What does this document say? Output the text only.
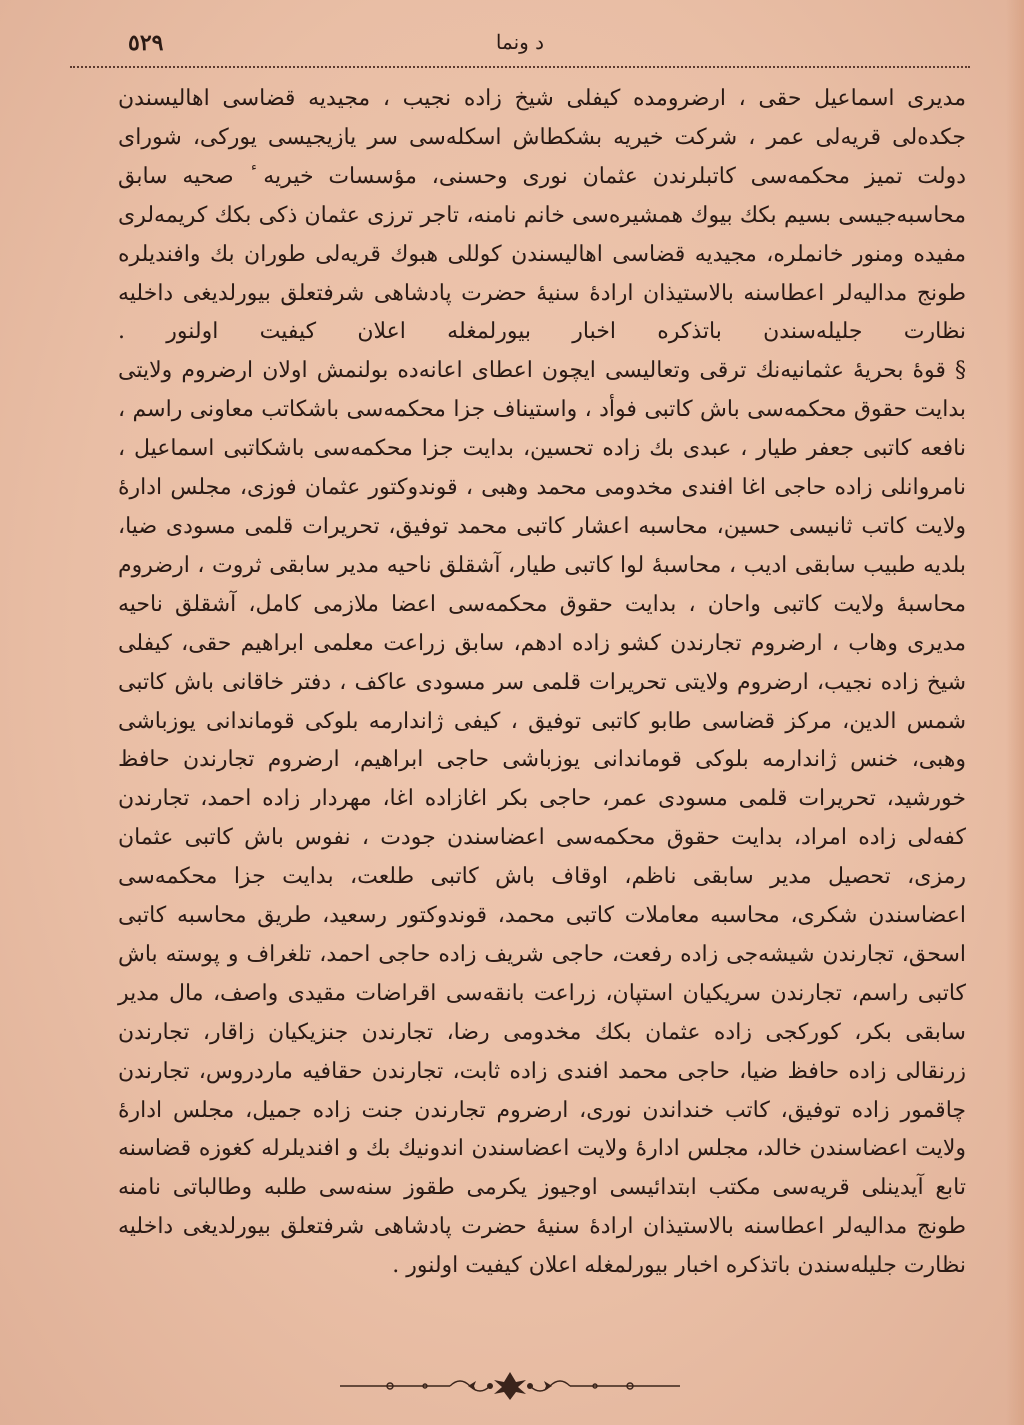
٥٢٩	د ونما

مديرى اسماعيل حقى ، ارضرومده كيفلى شيخ زاده نجيب ، مجيديه قضاسى اهاليسندن جكده‌لى قريه‌لى عمر ، شركت خيريه بشكطاش اسكله‌سى سر يازيجيسى يوركى، شوراى دولت تميز محكمه‌سى كاتبلرندن عثمان نورى وحسنى، مؤسسات خيريه ٔ صحيه سابق محاسبه‌جيسى بسيم بكك بيوك همشيره‌سى خانم نامنه، تاجر ترزى عثمان ذكى بكك كريمه‌لرى مفيده ومنور خانملره، مجيديه قضاسى اهاليسندن كوللى هبوك قريه‌لى طوران بك وافنديلره طونج مداليه‌لر اعطاسنه بالاستيذان ارادهٔ سنيهٔ حضرت پادشاهى شرفتعلق بيورلديغى داخليه نظارت جليله‌سندن باتذكره اخبار بيورلمغله اعلان كيفيت اولنور .

§ قوهٔ بحريهٔ عثمانيه‌نك ترقى وتعاليسى ايچون اعطاى اعانه‌ده بولنمش اولان ارضروم ولايتى بدايت حقوق محكمه‌سى باش كاتبى فوأد ، واستيناف جزا محكمه‌سى باشكاتب معاونى راسم ، نافعه كاتبى جعفر طيار ، عبدى بك زاده تحسين، بدايت جزا محكمه‌سى باشكاتبى اسماعيل ، نامروانلى زاده حاجى اغا افندى مخدومى محمد وهبى ، قوندوكتور عثمان فوزى، مجلس ادارهٔ ولايت كاتب ثانيسى حسين، محاسبه اعشار كاتبى محمد توفيق، تحريرات قلمى مسودى ضيا، بلديه طبيب سابقى اديب ، محاسبهٔ لوا كاتبى طيار، آشقلق ناحيه مدير سابقى ثروت ، ارضروم محاسبهٔ ولايت كاتبى واحان ، بدايت حقوق محكمه‌سى اعضا ملازمى كامل، آشقلق ناحيه مديرى وهاب ، ارضروم تجارندن كشو زاده ادهم، سابق زراعت معلمى ابراهيم حقى، كيفلى شيخ زاده نجيب، ارضروم ولايتى تحريرات قلمى سر مسودى عاكف ، دفتر خاقانى باش كاتبى شمس الدين، مركز قضاسى طابو كاتبى توفيق ، كيفى ژاندارمه بلوكى قوماندانى يوزباشى وهبى، خنس ژاندارمه بلوكى قوماندانى يوزباشى حاجى ابراهيم، ارضروم تجارندن حافظ خورشيد، تحريرات قلمى مسودى عمر، حاجى بكر اغازاده اغا، مهردار زاده احمد، تجارندن كفه‌لى زاده امراد، بدايت حقوق محكمه‌سى اعضاسندن جودت ، نفوس باش كاتبى عثمان رمزى، تحصيل مدير سابقى ناظم، اوقاف باش كاتبى طلعت، بدايت جزا محكمه‌سى اعضاسندن شكرى، محاسبه معاملات كاتبى محمد، قوندوكتور رسعيد، طريق محاسبه كاتبى اسحق، تجارندن شيشه‌جى زاده رفعت، حاجى شريف زاده حاجى احمد، تلغراف و پوسته باش كاتبى راسم، تجارندن سريكيان استپان، زراعت بانقه‌سى اقراضات مقيدى واصف، مال مدير سابقى بكر، كوركجى زاده عثمان بكك مخدومى رضا، تجارندن جنزيكيان زاقار، تجارندن زرنقالى زاده حافظ ضيا، حاجى محمد افندى زاده ثابت، تجارندن حقافيه ماردروس، تجارندن چاقمور زاده توفيق، كاتب خنداندن نورى، ارضروم تجارندن جنت زاده جميل، مجلس ادارهٔ ولايت اعضاسندن خالد، مجلس ادارهٔ ولايت اعضاسندن اندونيك بك و افنديلرله كغوزه قضاسنه تابع آيدينلى قريه‌سى مكتب ابتدائيسى اوجيوز يكرمى طقوز سنه‌سى طلبه وطالباتى نامنه طونج مداليه‌لر اعطاسنه بالاستيذان ارادهٔ سنيهٔ حضرت پادشاهى شرفتعلق بيورلديغى داخليه نظارت جليله‌سندن باتذكره اخبار بيورلمغله اعلان كيفيت اولنور .
